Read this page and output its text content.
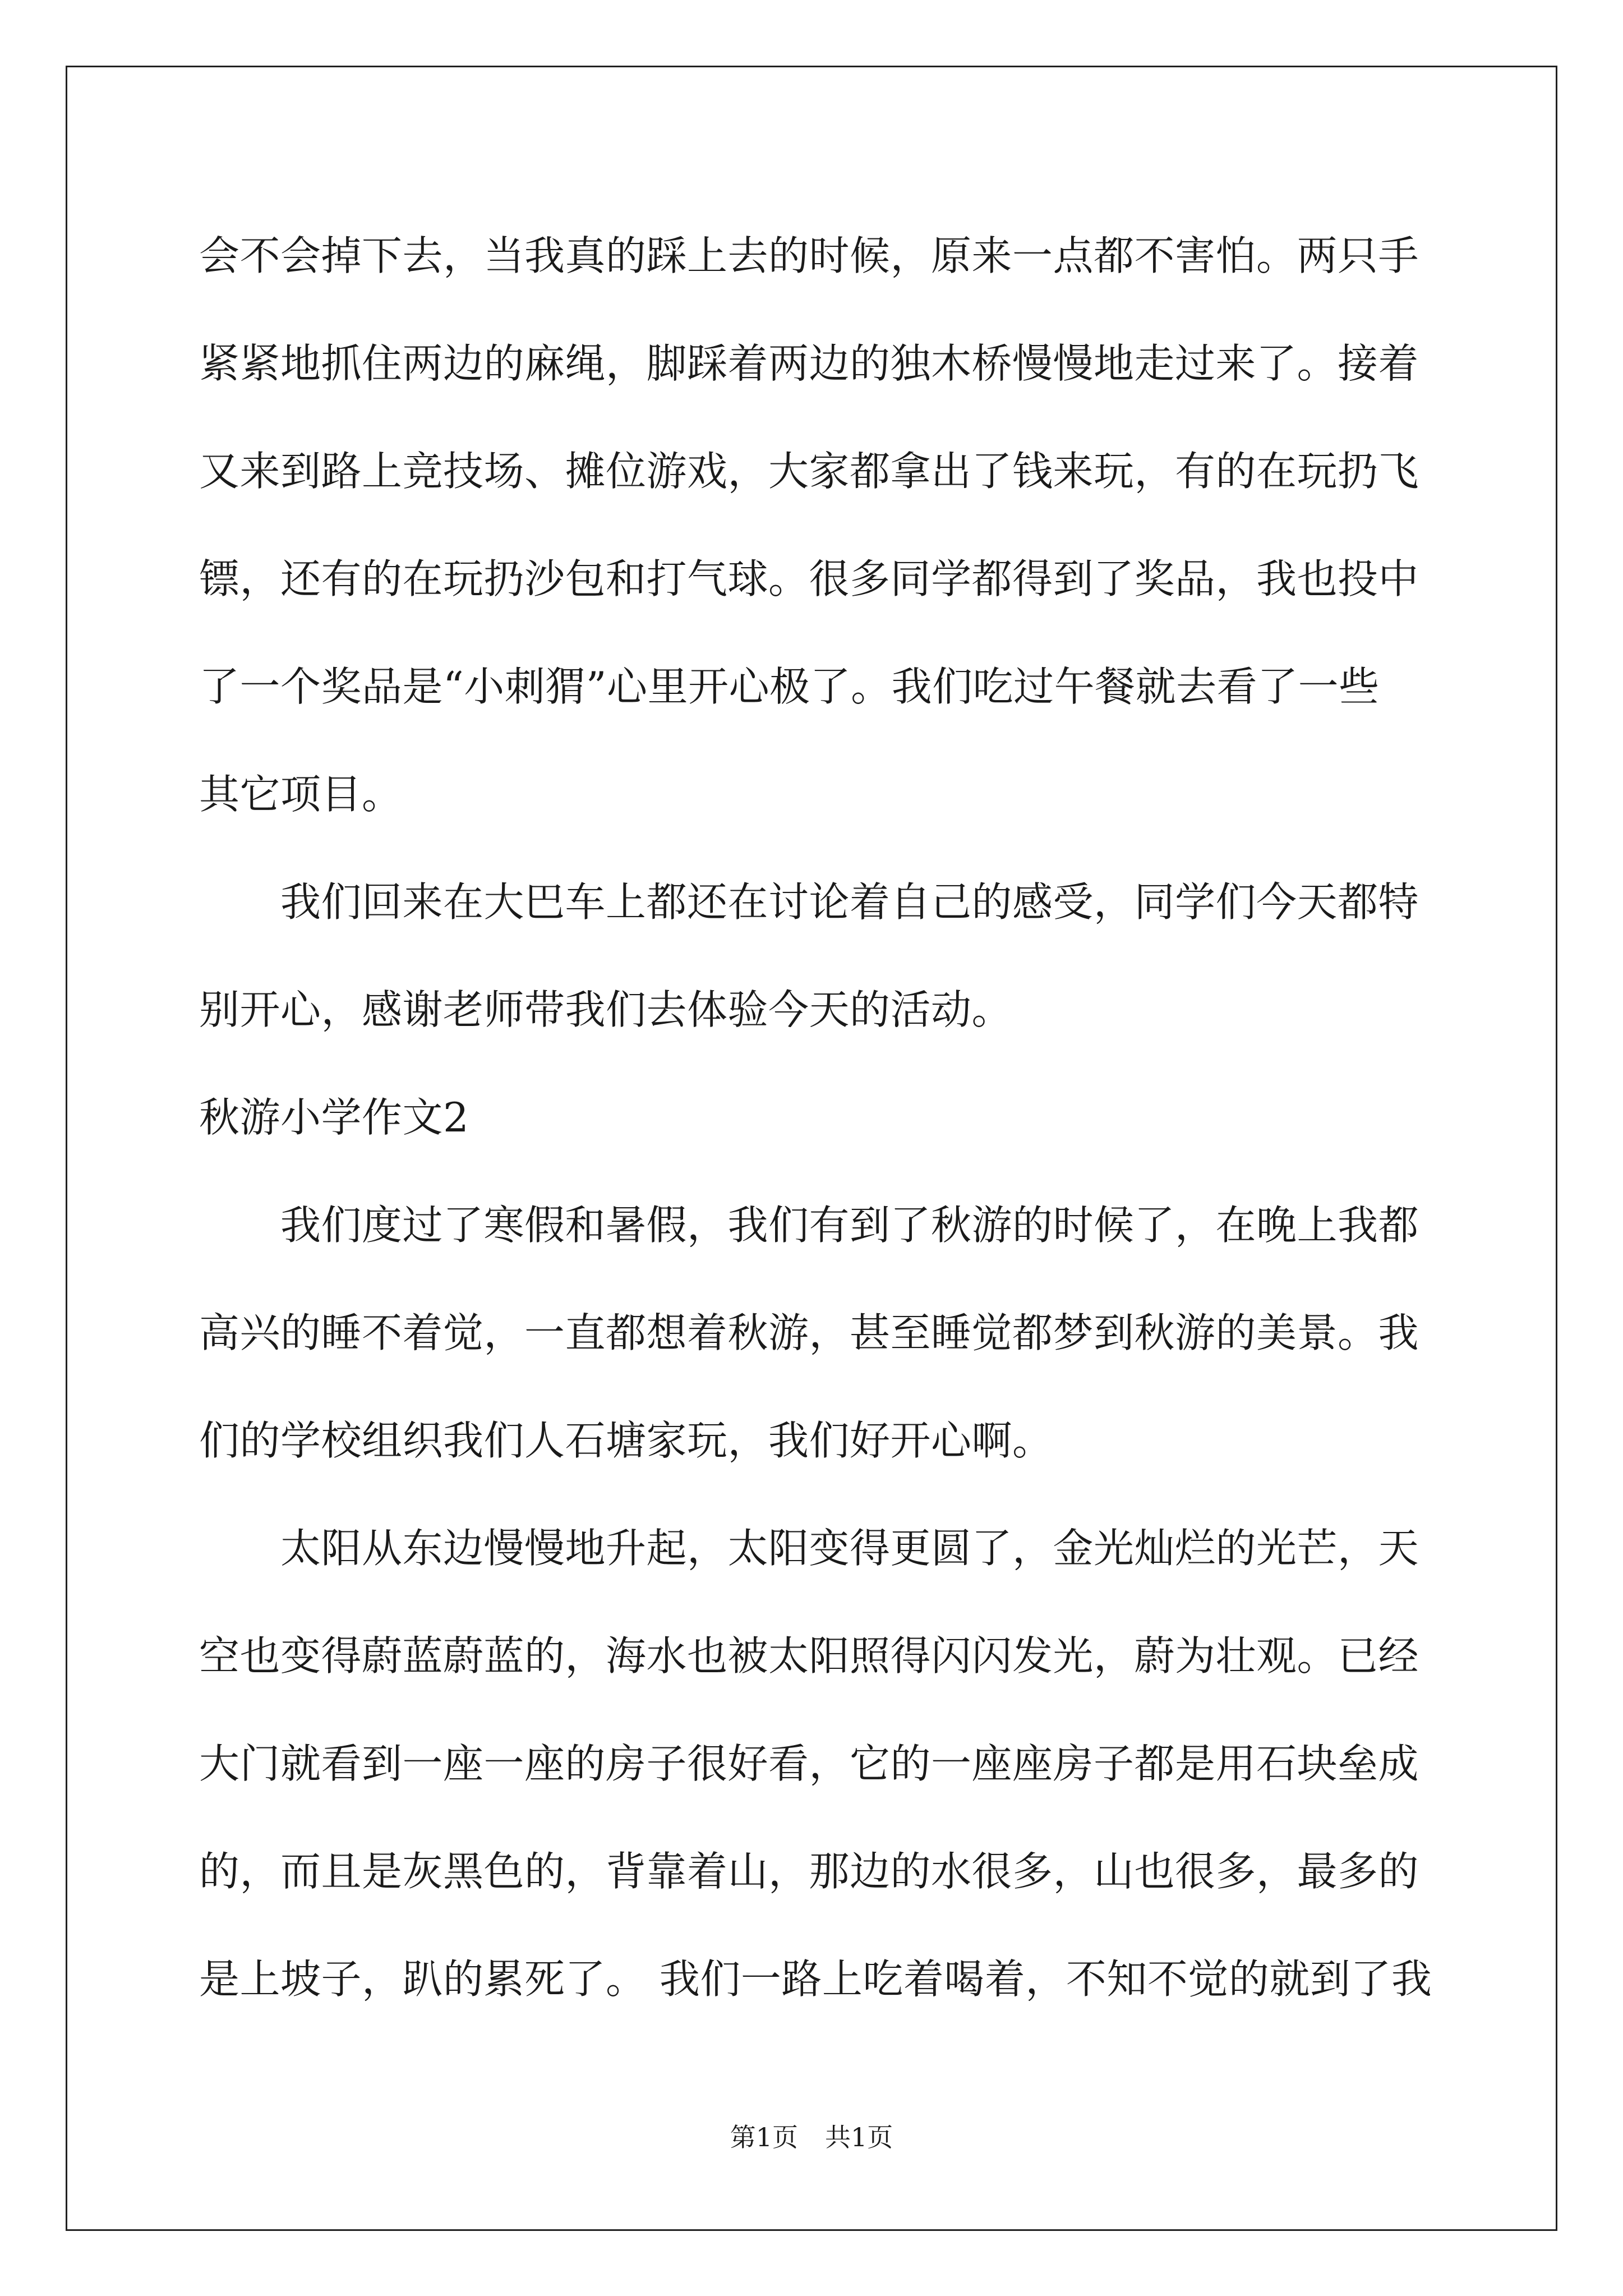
会不会掉下去，当我真的踩上去的时候，原来一点都不害怕。两只手
紧紧地抓住两边的麻绳，脚踩着两边的独木桥慢慢地走过来了。接着
又来到路上竞技场、摊位游戏，大家都拿出了钱来玩，有的在玩扔飞
镖，还有的在玩扔沙包和打气球。很多同学都得到了奖品，我也投中
了一个奖品是“小刺猬”心里开心极了。我们吃过午餐就去看了一些
其它项目。
我们回来在大巴车上都还在讨论着自己的感受，同学们今天都特
别开心，感谢老师带我们去体验今天的活动。
秋游小学作文2
我们度过了寒假和暑假，我们有到了秋游的时候了，在晚上我都
高兴的睡不着觉，一直都想着秋游，甚至睡觉都梦到秋游的美景。我
们的学校组织我们人石塘家玩，我们好开心啊。
太阳从东边慢慢地升起，太阳变得更圆了，金光灿烂的光芒，天
空也变得蔚蓝蔚蓝的，海水也被太阳照得闪闪发光，蔚为壮观。已经
大门就看到一座一座的房子很好看，它的一座座房子都是用石块垒成
的，而且是灰黑色的，背靠着山，那边的水很多，山也很多，最多的
是上坡子，趴的累死了。 我们一路上吃着喝着，不知不觉的就到了我
第1页 共1页
